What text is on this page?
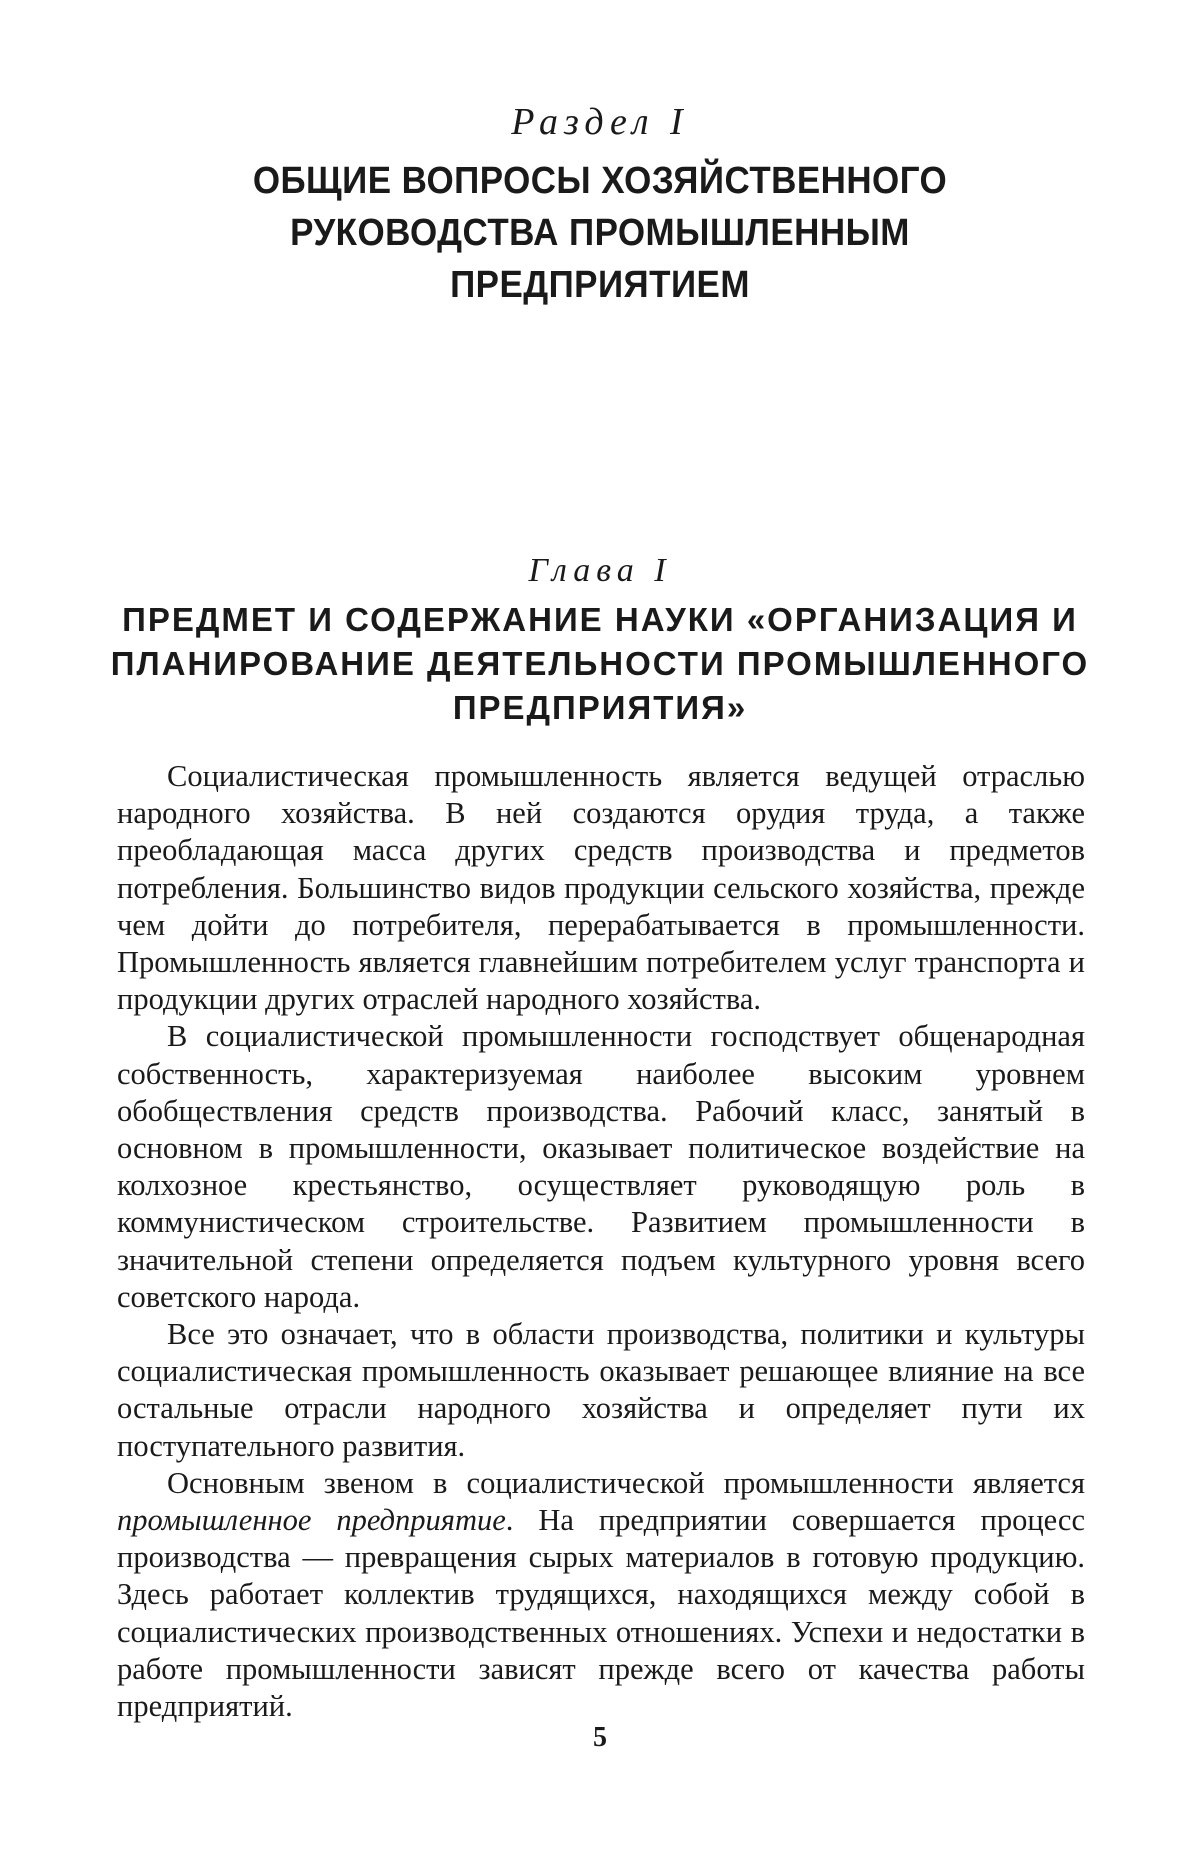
Раздел I
ОБЩИЕ ВОПРОСЫ ХОЗЯЙСТВЕННОГО РУКОВОДСТВА ПРОМЫШЛЕННЫМ ПРЕДПРИЯТИЕМ
Глава I
ПРЕДМЕТ И СОДЕРЖАНИЕ НАУКИ «ОРГАНИЗАЦИЯ И ПЛАНИРОВАНИЕ ДЕЯТЕЛЬНОСТИ ПРОМЫШЛЕННОГО ПРЕДПРИЯТИЯ»

Социалистическая промышленность является ведущей отраслью народного хозяйства. В ней создаются орудия труда, а также преобладающая масса других средств производства и предметов потребления. Большинство видов продукции сельского хозяйства, прежде чем дойти до потребителя, перерабатывается в промышленности. Промышленность является главнейшим потребителем услуг транспорта и продукции других отраслей народного хозяйства.

В социалистической промышленности господствует общенародная собственность, характеризуемая наиболее высоким уровнем обобществления средств производства. Рабочий класс, занятый в основном в промышленности, оказывает политическое воздействие на колхозное крестьянство, осуществляет руководящую роль в коммунистическом строительстве. Развитием промышленности в значительной степени определяется подъем культурного уровня всего советского народа.

Все это означает, что в области производства, политики и культуры социалистическая промышленность оказывает решающее влияние на все остальные отрасли народного хозяйства и определяет пути их поступательного развития.

Основным звеном в социалистической промышленности является промышленное предприятие. На предприятии совершается процесс производства — превращения сырых материалов в готовую продукцию. Здесь работает коллектив трудящихся, находящихся между собой в социалистических производственных отношениях. Успехи и недостатки в работе промышленности зависят прежде всего от качества работы предприятий.

5
